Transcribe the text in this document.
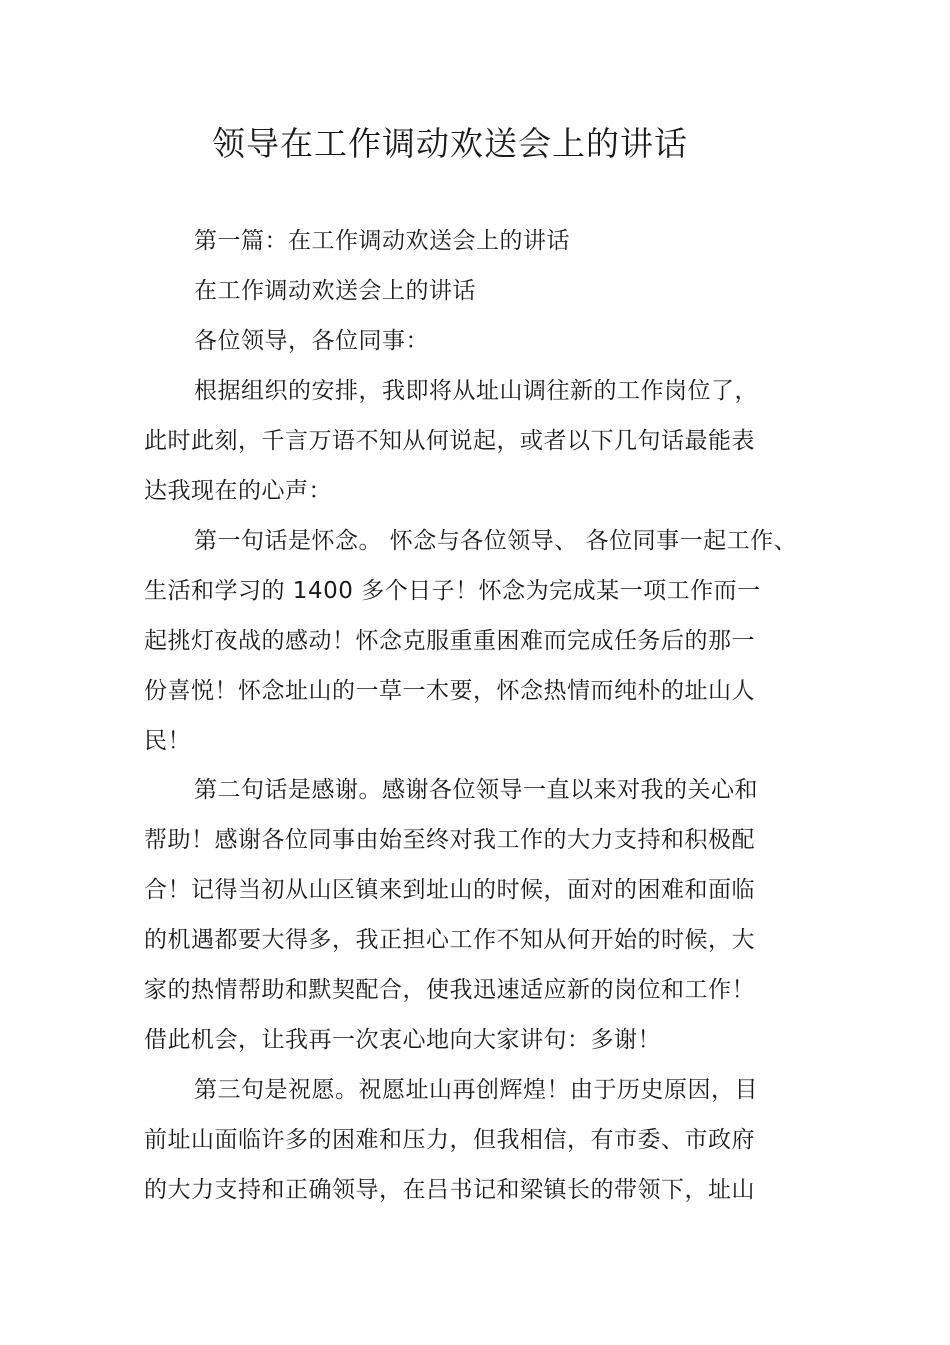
领导在工作调动欢送会上的讲话
第一篇：在工作调动欢送会上的讲话
在工作调动欢送会上的讲话
各位领导，各位同事：
根据组织的安排，我即将从址山调往新的工作岗位了，
此时此刻，千言万语不知从何说起，或者以下几句话最能表
达我现在的心声：
第一句话是怀念。 怀念与各位领导、 各位同事一起工作、
生活和学习的 1400 多个日子！怀念为完成某一项工作而一
起挑灯夜战的感动！怀念克服重重困难而完成任务后的那一
份喜悦！怀念址山的一草一木要，怀念热情而纯朴的址山人
民！
第二句话是感谢。感谢各位领导一直以来对我的关心和
帮助！感谢各位同事由始至终对我工作的大力支持和积极配
合！记得当初从山区镇来到址山的时候，面对的困难和面临
的机遇都要大得多，我正担心工作不知从何开始的时候，大
家的热情帮助和默契配合，使我迅速适应新的岗位和工作！
借此机会，让我再一次衷心地向大家讲句：多谢！
第三句是祝愿。祝愿址山再创辉煌！由于历史原因，目
前址山面临许多的困难和压力，但我相信，有市委、市政府
的大力支持和正确领导，在吕书记和梁镇长的带领下，址山
